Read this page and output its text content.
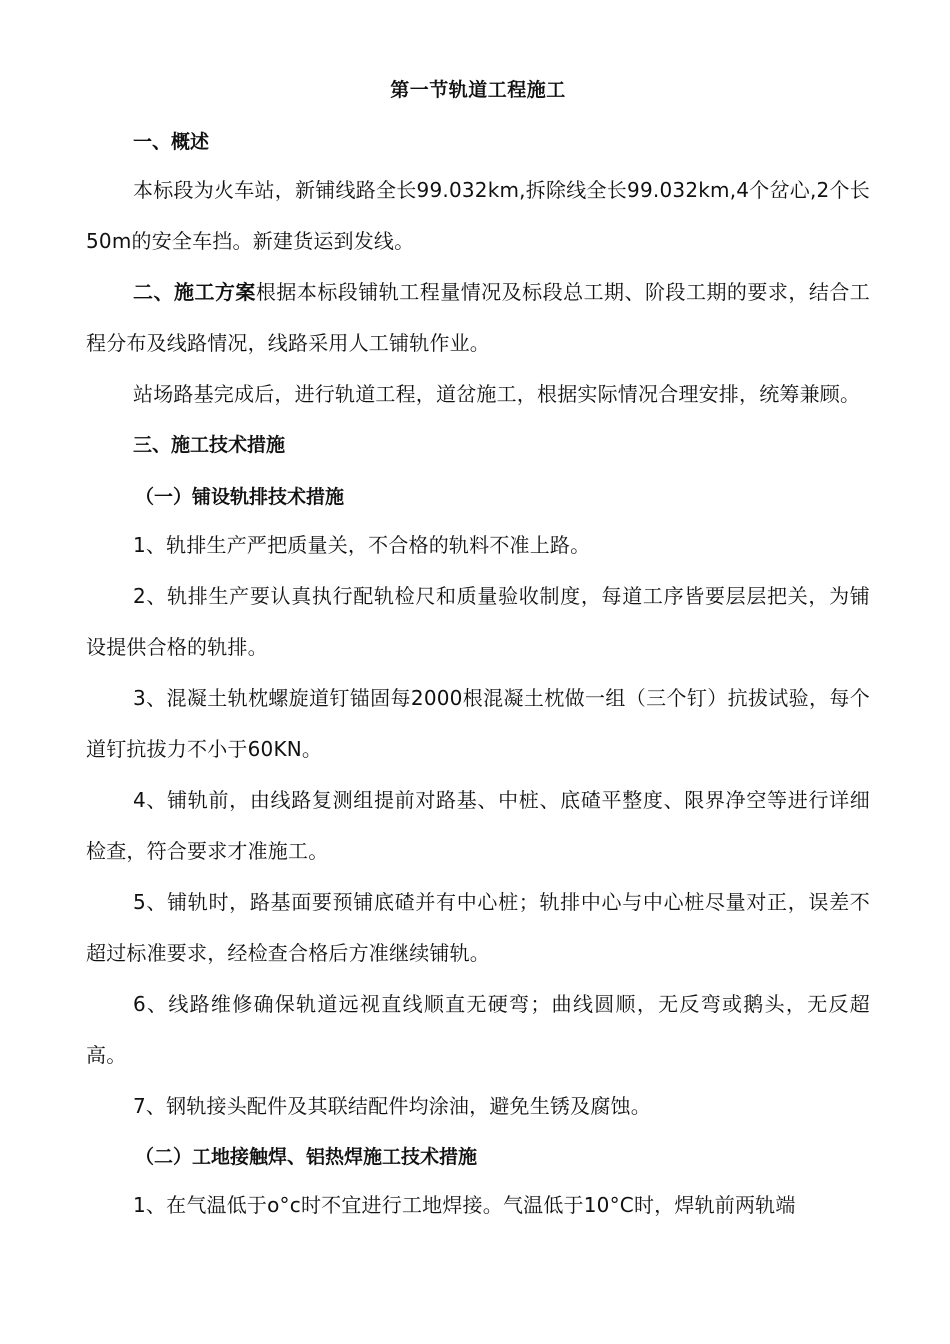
第一节轨道工程施工
一、概述

本标段为火车站，新铺线路全长99.032km,拆除线全长99.032km,4个岔心,2个长50m的安全车挡。新建货运到发线。

二、施工方案根据本标段铺轨工程量情况及标段总工期、阶段工期的要求，结合工程分布及线路情况，线路采用人工铺轨作业。

站场路基完成后，进行轨道工程，道岔施工，根据实际情况合理安排，统筹兼顾。

三、施工技术措施
（一）铺设轨排技术措施

1、轨排生产严把质量关，不合格的轨料不准上路。

2、轨排生产要认真执行配轨检尺和质量验收制度，每道工序皆要层层把关，为铺设提供合格的轨排。

3、混凝土轨枕螺旋道钉锚固每2000根混凝土枕做一组（三个钉）抗拔试验，每个道钉抗拔力不小于60KN。

4、铺轨前，由线路复测组提前对路基、中桩、底碴平整度、限界净空等进行详细检查，符合要求才准施工。

5、铺轨时，路基面要预铺底碴并有中心桩；轨排中心与中心桩尽量对正，误差不超过标准要求，经检查合格后方准继续铺轨。

6、线路维修确保轨道远视直线顺直无硬弯；曲线圆顺，无反弯或鹅头，无反超高。

7、钢轨接头配件及其联结配件均涂油，避免生锈及腐蚀。

（二）工地接触焊、铝热焊施工技术措施

1、在气温低于o°c时不宜进行工地焊接。气温低于10°C时，焊轨前两轨端
